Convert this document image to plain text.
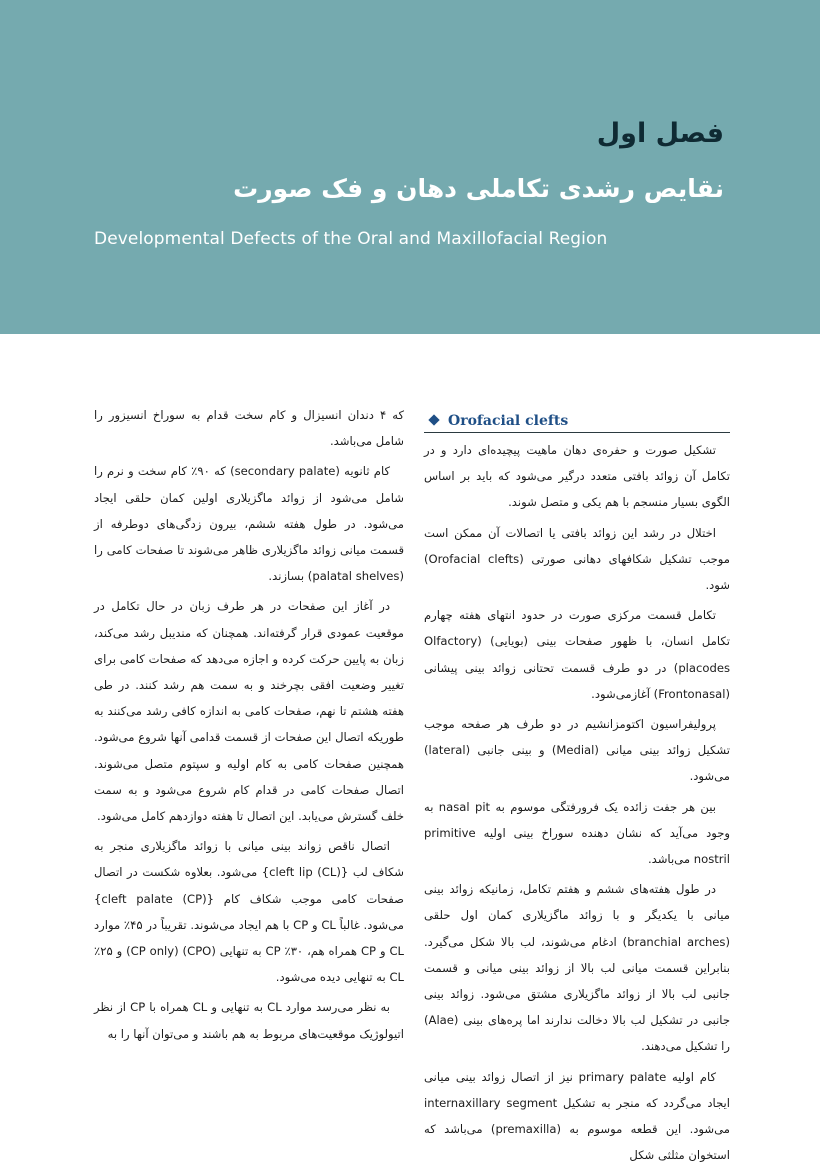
فصل اول
نقایص رشدی تکاملی دهان و فک صورت
Developmental Defects of the Oral and Maxillofacial Region
Orofacial clefts

تشکیل صورت و حفره‌ی دهان ماهیت پیچیده‌ای دارد و در تکامل آن زوائد بافتی متعدد درگیر می‌شود که باید بر اساس الگوی بسیار منسجم با هم یکی و متصل شوند.

اختلال در رشد این زوائد بافتی یا اتصالات آن ممکن است موجب تشکیل شکافهای دهانی صورتی (Orofacial clefts) شود.

تکامل قسمت مرکزی صورت در حدود انتهای هفته چهارم تکامل انسان، با ظهور صفحات بینی (بویایی) (Olfactory placodes) در دو طرف قسمت تحتانی زوائد بینی پیشانی (Frontonasal) آغازمی‌شود.

پرولیفراسیون اکتومزانشیم در دو طرف هر صفحه موجب تشکیل زوائد بینی میانی (Medial) و بینی جانبی (lateral) می‌شود.

بین هر جفت زائده یک فرورفتگی موسوم به nasal pit به وجود می‌آید که نشان دهنده سوراخ بینی اولیه primitive nostril می‌باشد.

در طول هفته‌های ششم و هفتم تکامل، زمانیکه زوائد بینی میانی با یکدیگر و با زوائد ماگزیلاری کمان اول حلقی (branchial arches) ادغام می‌شوند، لب بالا شکل می‌گیرد. بنابراین قسمت میانی لب بالا از زوائد بینی میانی و قسمت جانبی لب بالا از زوائد ماگزیلاری مشتق می‌شود. زوائد بینی جانبی در تشکیل لب بالا دخالت ندارند اما پره‌های بینی (Alae) را تشکیل می‌دهند.

کام اولیه primary palate نیز از اتصال زوائد بینی میانی ایجاد می‌گردد که منجر به تشکیل internaxillary segment می‌شود. این قطعه موسوم به (premaxilla) می‌باشد که استخوان مثلثی شکل

که ۴ دندان انسیزال و کام سخت قدام به سوراخ انسیزور را شامل می‌باشد.

کام ثانویه (secondary palate) که ۹۰٪ کام سخت و نرم را شامل می‌شود از زوائد ماگزیلاری اولین کمان حلقی ایجاد می‌شود. در طول هفته ششم، بیرون زدگی‌های دوطرفه از قسمت میانی زوائد ماگزیلاری ظاهر می‌شوند تا صفحات کامی را (palatal shelves) بسازند.

در آغاز این صفحات در هر طرف زبان در حال تکامل در موقعیت عمودی قرار گرفته‌اند. همچنان که مندیبل رشد می‌کند، زبان به پایین حرکت کرده و اجازه می‌دهد که صفحات کامی برای تغییر وضعیت افقی بچرخند و به سمت هم رشد کنند. در طی هفته هشتم تا نهم، صفحات کامی به اندازه کافی رشد می‌کنند به طوریکه اتصال این صفحات از قسمت قدامی آنها شروع می‌شود. همچنین صفحات کامی به کام اولیه و سپتوم متصل می‌شوند. اتصال صفحات کامی در قدام کام شروع می‌شود و به سمت خلف گسترش می‌یابد. این اتصال تا هفته دوازدهم کامل می‌شود.

اتصال ناقص زواند بینی میانی با زوائد ماگزیلاری منجر به شکاف لب {cleft lip (CL)} می‌شود. بعلاوه شکست در اتصال صفحات کامی موجب شکاف کام {cleft palate (CP)} می‌شود. غالباً CL و CP با هم ایجاد می‌شوند. تقریباً در ۴۵٪ موارد CL و CP همراه هم، ۳۰٪ CP به تنهایی (CPO) (CP only) و ۲۵٪ CL به تنهایی دیده می‌شود.

به نظر می‌رسد موارد CL به تنهایی و CL همراه با CP از نظر اتیولوژیک موقعیت‌های مربوط به هم باشند و می‌توان آنها را به
